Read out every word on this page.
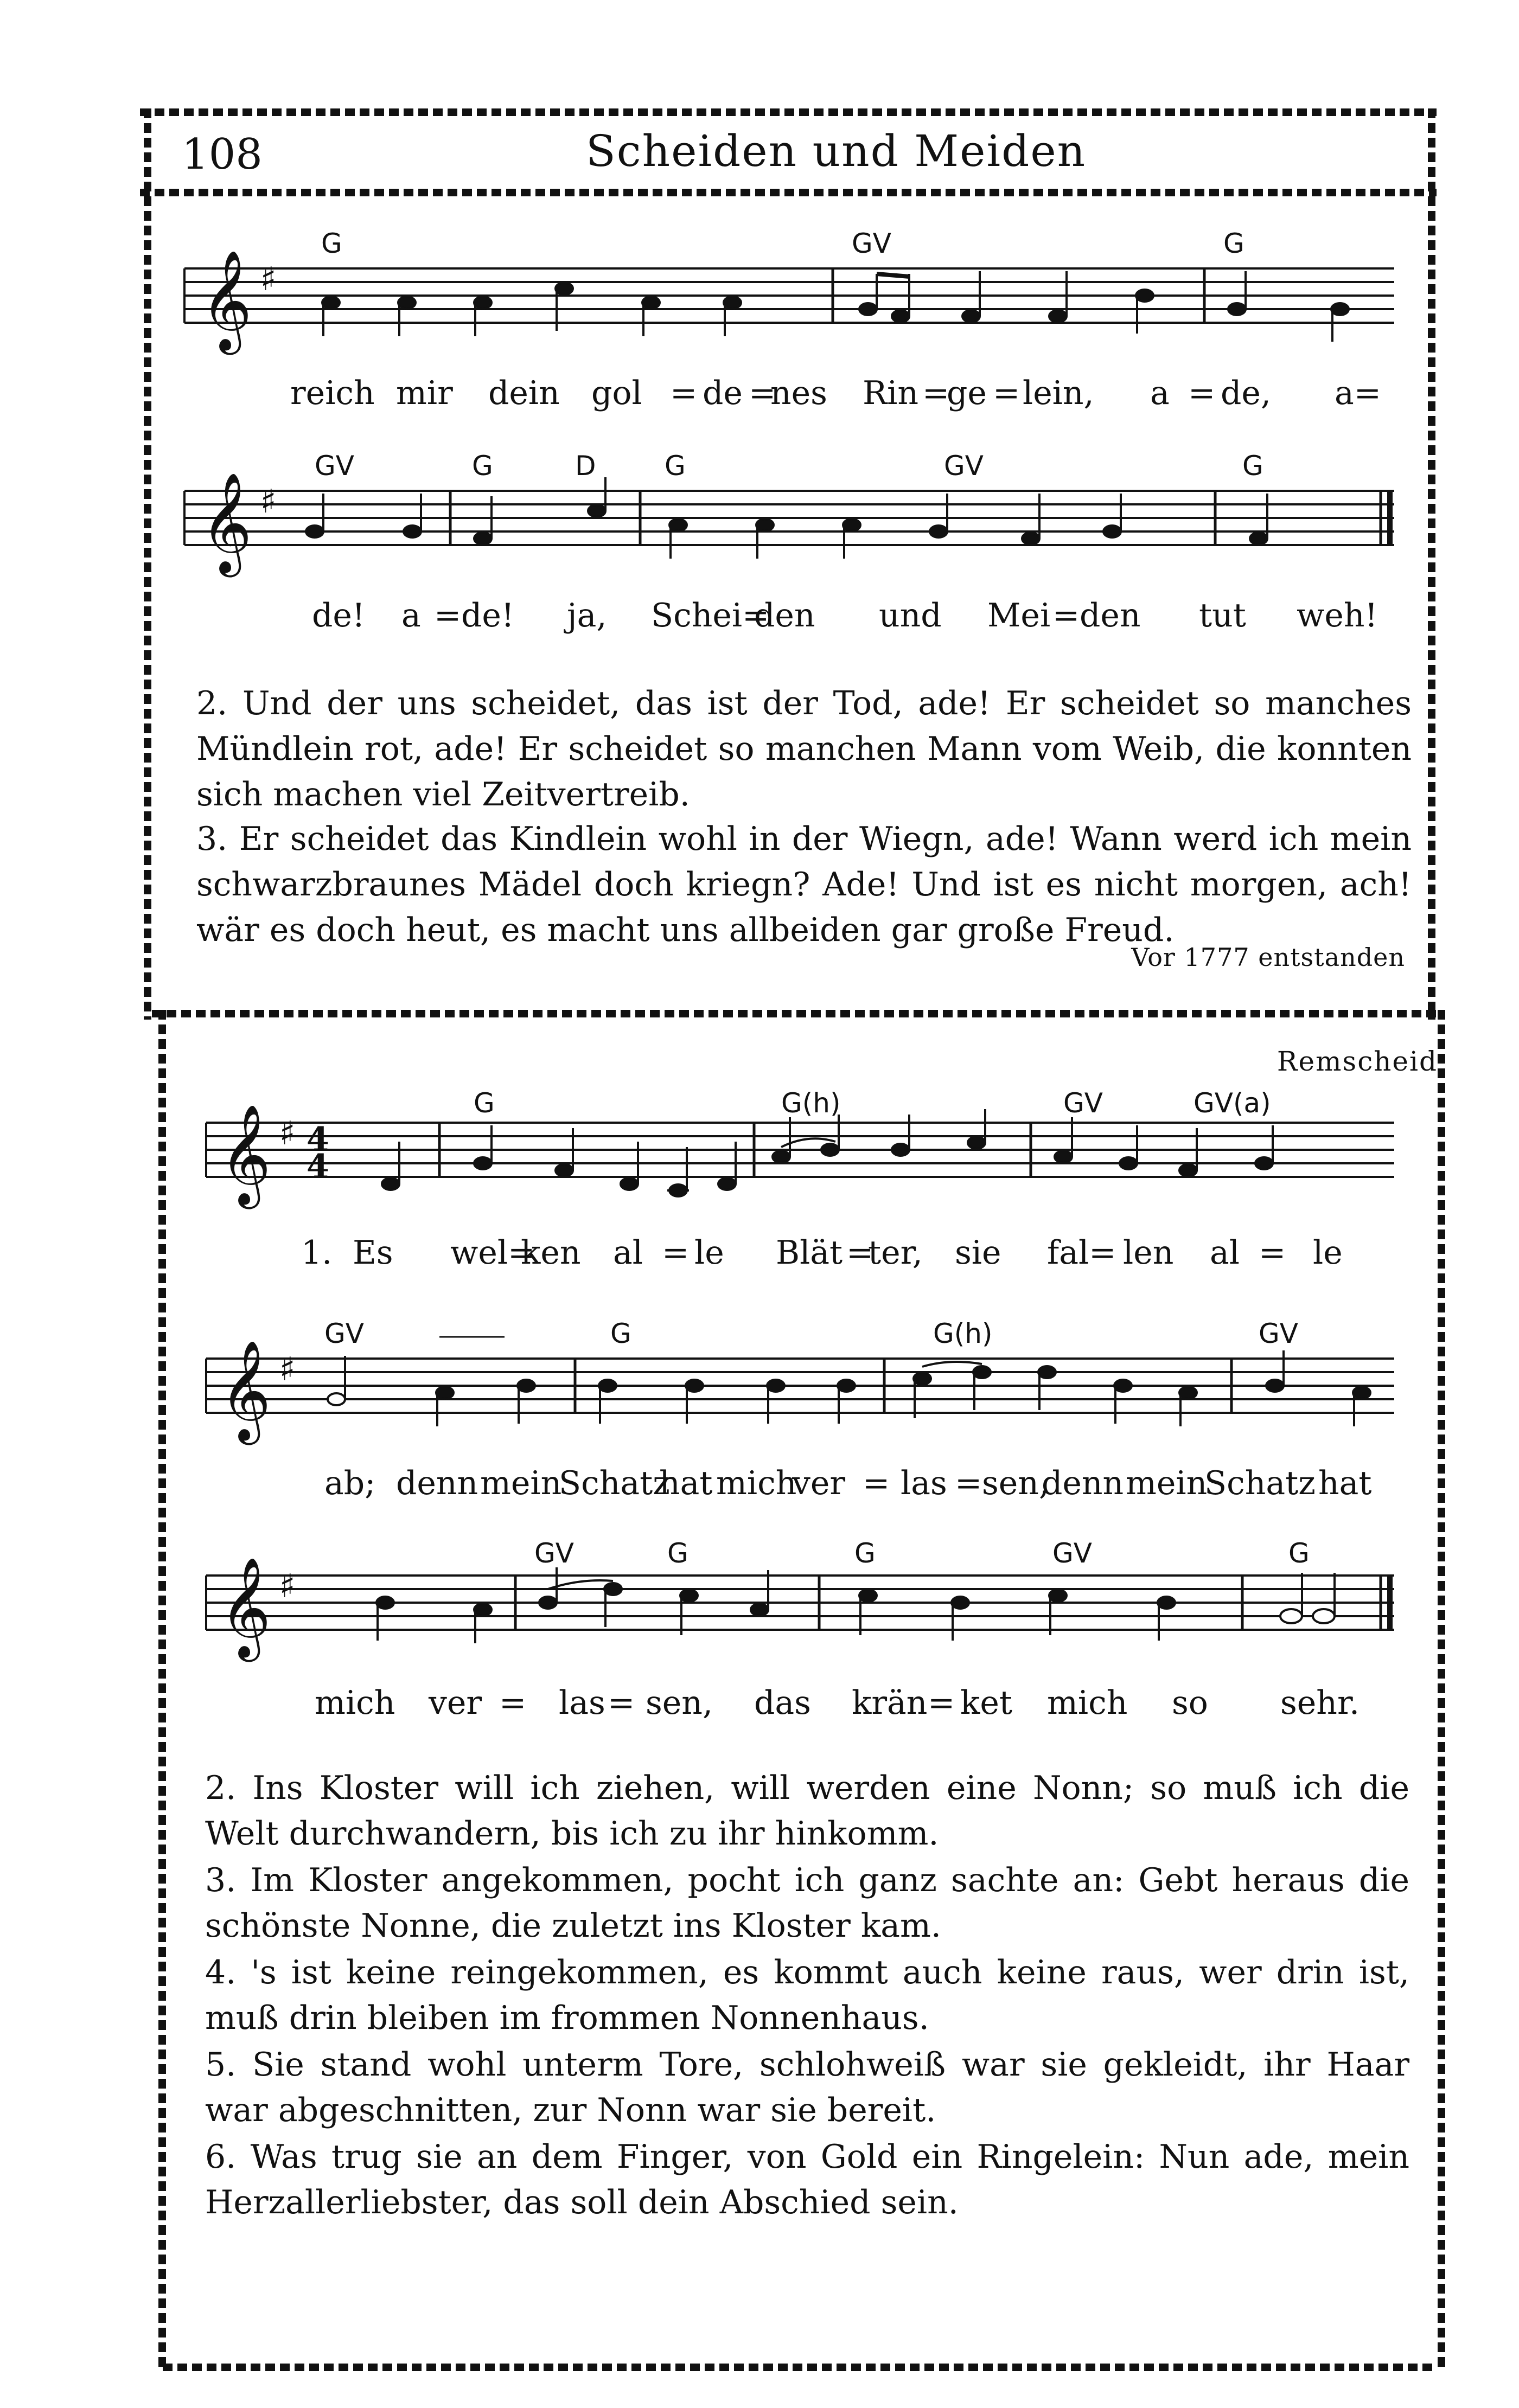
108	Scheiden und Meiden
G	GV	G
𝄞 ♯
reich mir dein gol = de =
nes Rin =
ge = lein, a = de, a=
GV	G	D	G	GV	G
𝄞 ♯
de! a = de! ja, Schei=
den und Mei = den tut weh!
2. Und der uns scheidet, das ist der Tod, ade! Er scheidet so manches Mündlein rot, ade! Er scheidet so manchen Mann vom Weib, die konnten sich machen viel Zeitvertreib.
3. Er scheidet das Kindlein wohl in der Wiegn, ade! Wann werd ich mein schwarzbraunes Mädel doch kriegn? Ade! Und ist es nicht morgen, ach! wär es doch heut, es macht uns allbeiden gar große Freud.
Vor 1777 entstanden
Remscheid
G	G(h)	GV	GV(a)
𝄞 ♯ 4
4
1. Es wel=
ken al = le Blät =
ter, sie fal= len al = le
GV	G	G(h)	GV
𝄞 ♯
ab; denn mein
Schatz
hat mich
ver = las = sen,
denn mein
Schatz hat
GV	G	G	GV	G
𝄞 ♯
mich ver = las = sen, das krän = ket mich so sehr.
2. Ins Kloster will ich ziehen, will werden eine Nonn; so muß ich die Welt durchwandern, bis ich zu ihr hinkomm.
3. Im Kloster angekommen, pocht ich ganz sachte an: Gebt heraus die schönste Nonne, die zuletzt ins Kloster kam.
4. 's ist keine reingekommen, es kommt auch keine raus, wer drin ist, muß drin bleiben im frommen Nonnenhaus.
5. Sie stand wohl unterm Tore, schlohweiß war sie gekleidt, ihr Haar war abgeschnitten, zur Nonn war sie bereit.
6. Was trug sie an dem Finger, von Gold ein Ringelein: Nun ade, mein Herzallerliebster, das soll dein Abschied sein.
